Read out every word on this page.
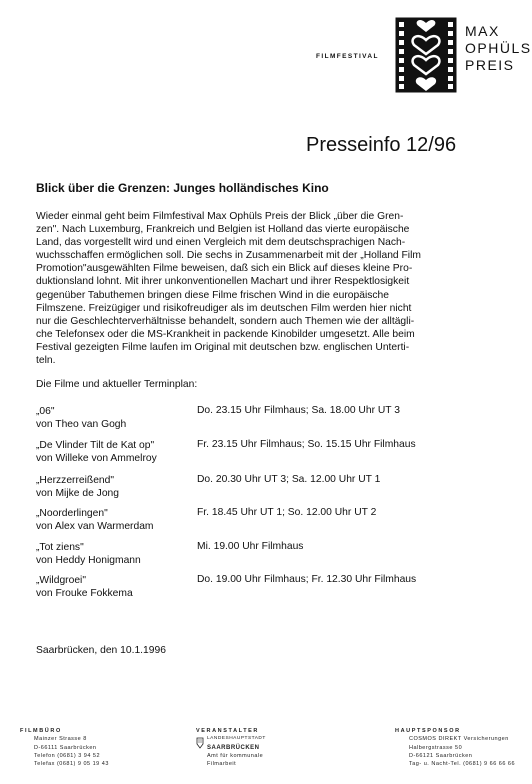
FILMFESTIVAL
MAX
OPHÜLS
PREIS
Presseinfo 12/96
Blick über die Grenzen: Junges holländisches Kino
Wieder einmal geht beim Filmfestival Max Ophüls Preis der Blick „über die Gren-
zen". Nach Luxemburg, Frankreich und Belgien ist Holland das vierte europäische
Land, das vorgestellt wird und einen Vergleich mit dem deutschsprachigen Nach-
wuchsschaffen ermöglichen soll. Die sechs in Zusammenarbeit mit der „Holland Film
Promotion"ausgewählten Filme beweisen, daß sich ein Blick auf dieses kleine Pro-
duktionsland lohnt. Mit ihrer unkonventionellen Machart und ihrer Respektlosigkeit
gegenüber Tabuthemen bringen diese Filme frischen Wind in die europäische
Filmszene. Freizügiger und risikofreudiger als im deutschen Film werden hier nicht
nur die Geschlechterverhältnisse behandelt, sondern auch Themen wie der alltägli-
che Telefonsex oder die MS-Krankheit in packende Kinobilder umgesetzt. Alle beim
Festival gezeigten Filme laufen im Original mit deutschen bzw. englischen Unterti-
teln.
Die Filme und aktueller Terminplan:
„06"
von Theo van Gogh
Do. 23.15 Uhr Filmhaus; Sa. 18.00 Uhr UT 3
„De Vlinder Tilt de Kat op"
von Willeke von Ammelroy
Fr. 23.15 Uhr Filmhaus; So. 15.15 Uhr Filmhaus
„Herzzerreißend"
von Mijke de Jong
Do. 20.30 Uhr UT 3; Sa. 12.00 Uhr UT 1
„Noorderlingen"
von Alex van Warmerdam
Fr. 18.45 Uhr UT 1; So. 12.00 Uhr UT 2
„Tot ziens"
von Heddy Honigmann
Mi. 19.00 Uhr Filmhaus
„Wildgroei"
von Frouke Fokkema
Do. 19.00 Uhr Filmhaus; Fr. 12.30 Uhr Filmhaus
Saarbrücken, den 10.1.1996
FILMBÜRO
Mainzer Strasse 8
D-66111 Saarbrücken
Telefon (0681) 3 94 52
Telefax (0681) 9 05 19 43
VERANSTALTER
LANDESHAUPTSTADT
SAARBRÜCKEN
Amt für kommunale
Filmarbeit
HAUPTSPONSOR
COSMOS DIREKT Versicherungen
Halbergstrasse 50
D-66121 Saarbrücken
Tag- u. Nacht-Tel. (0681) 9 66 66 66
